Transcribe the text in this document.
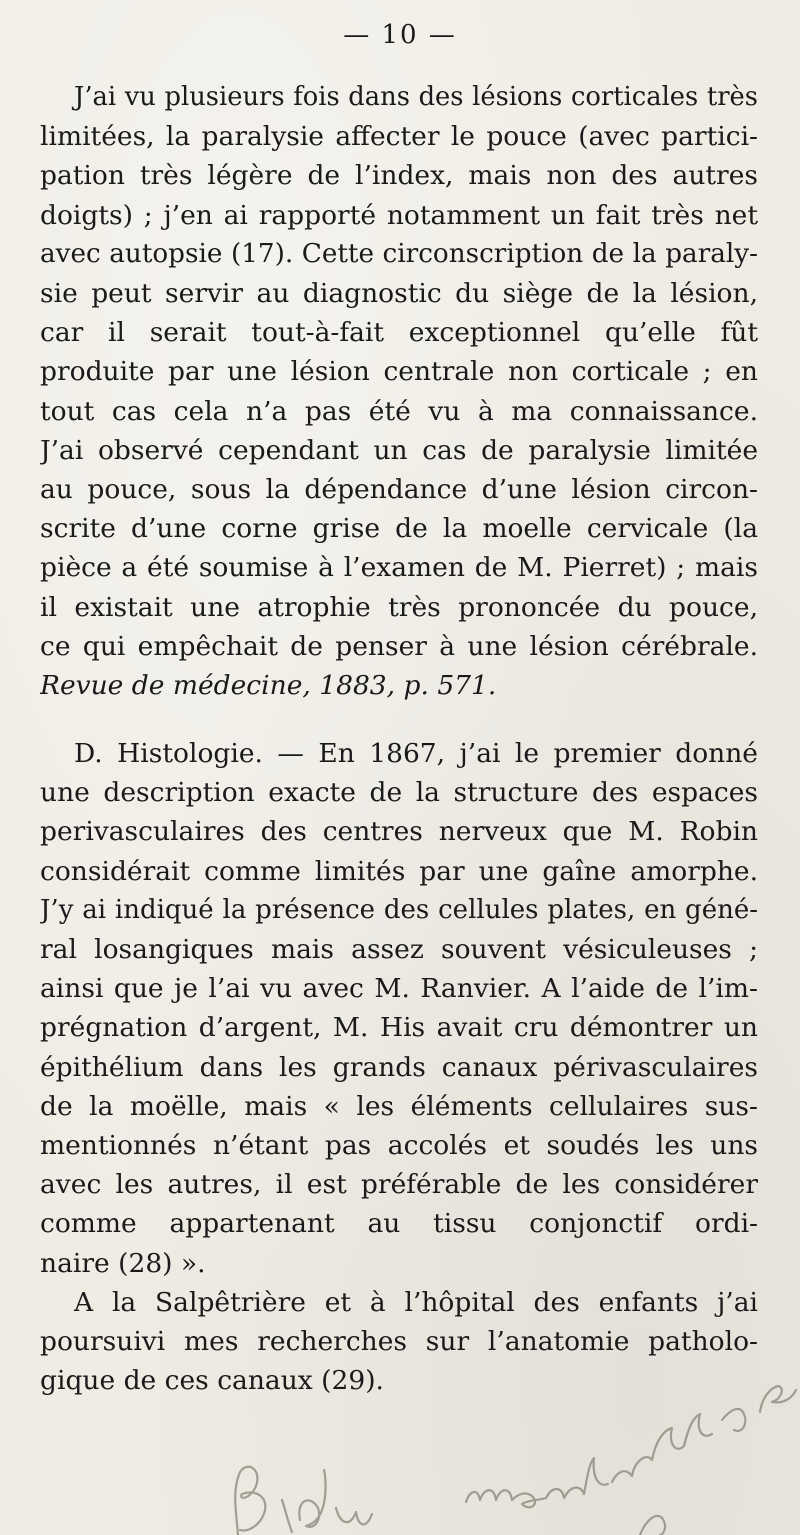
— 10 —
J’ai vu plusieurs fois dans des lésions corticales très
limitées, la paralysie affecter le pouce (avec partici-
pation très légère de l’index, mais non des autres
doigts) ; j’en ai rapporté notamment un fait très net
avec autopsie (17). Cette circonscription de la paraly-
sie peut servir au diagnostic du siège de la lésion,
car il serait tout-à-fait exceptionnel qu’elle fût
produite par une lésion centrale non corticale ; en
tout cas cela n’a pas été vu à ma connaissance.
J’ai observé cependant un cas de paralysie limitée
au pouce, sous la dépendance d’une lésion circon-
scrite d’une corne grise de la moelle cervicale (la
pièce a été soumise à l’examen de M. Pierret) ; mais
il existait une atrophie très prononcée du pouce,
ce qui empêchait de penser à une lésion cérébrale.
Revue de médecine, 1883, p. 571.
D. Histologie. — En 1867, j’ai le premier donné
une description exacte de la structure des espaces
perivasculaires des centres nerveux que M. Robin
considérait comme limités par une gaîne amorphe.
J’y ai indiqué la présence des cellules plates, en géné-
ral losangiques mais assez souvent vésiculeuses ;
ainsi que je l’ai vu avec M. Ranvier. A l’aide de l’im-
prégnation d’argent, M. His avait cru démontrer un
épithélium dans les grands canaux périvasculaires
de la moëlle, mais « les éléments cellulaires sus-
mentionnés n’étant pas accolés et soudés les uns
avec les autres, il est préférable de les considérer
comme appartenant au tissu conjonctif ordi-
naire (28) ».
A la Salpêtrière et à l’hôpital des enfants j’ai
poursuivi mes recherches sur l’anatomie patholo-
gique de ces canaux (29).
